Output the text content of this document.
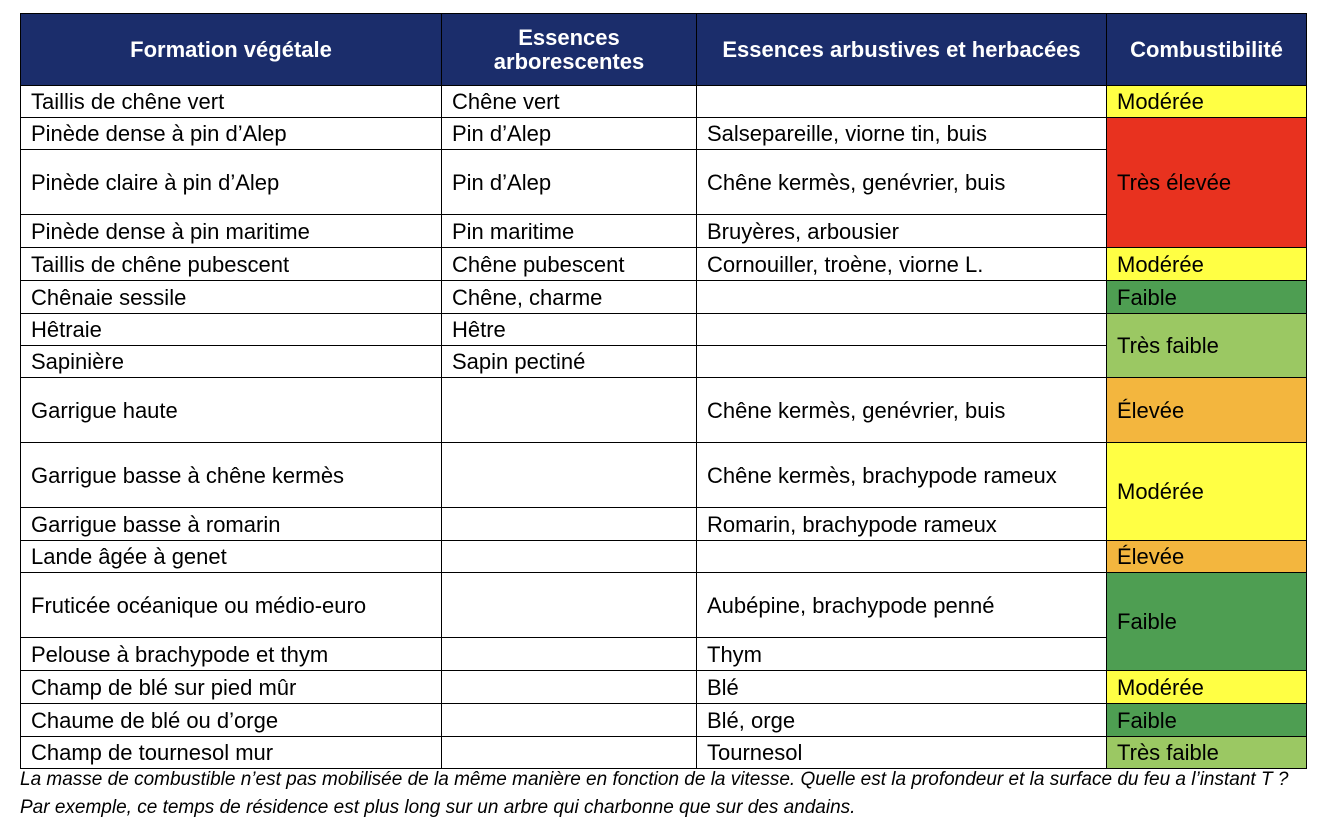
Formation végétale	Essences arborescentes	Essences arbustives et herbacées	Combustibilité
Taillis de chêne vert	Chêne vert		Modérée
Pinède dense à pin d’Alep	Pin d’Alep	Salsepareille, viorne tin, buis	Très élevée
Pinède claire à pin d’Alep	Pin d’Alep	Chêne kermès, genévrier, buis	
Pinède dense à pin maritime	Pin maritime	Bruyères, arbousier	
Taillis de chêne pubescent	Chêne pubescent	Cornouiller, troène, viorne L.	Modérée
Chênaie sessile	Chêne, charme		Faible
Hêtraie	Hêtre		Très faible
Sapinière	Sapin pectiné		
Garrigue haute		Chêne kermès, genévrier, buis	Élevée
Garrigue basse à chêne kermès		Chêne kermès, brachypode rameux	Modérée
Garrigue basse à romarin		Romarin, brachypode rameux	
Lande âgée à genet			Élevée
Fruticée océanique ou médio-euro		Aubépine, brachypode penné	Faible
Pelouse à brachypode et thym		Thym	
Champ de blé sur pied mûr		Blé	Modérée
Chaume de blé ou d’orge		Blé, orge	Faible
Champ de tournesol mur		Tournesol	Très faible
La masse de combustible n’est pas mobilisée de la même manière en fonction de la vitesse. Quelle est la profondeur et la surface du feu a l’instant T ? Par exemple, ce temps de résidence est plus long sur un arbre qui charbonne que sur des andains.
